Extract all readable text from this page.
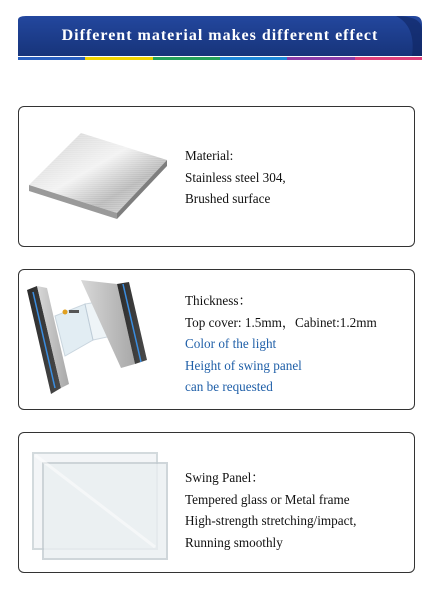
Different material makes different effect
Material:
Stainless steel 304,
Brushed surface
Thickness：
Top cover: 1.5mm，Cabinet:1.2mm
Color of the light
Height of swing panel
can be requested
Swing Panel：
Tempered glass or Metal frame
High-strength stretching/impact,
Running smoothly
